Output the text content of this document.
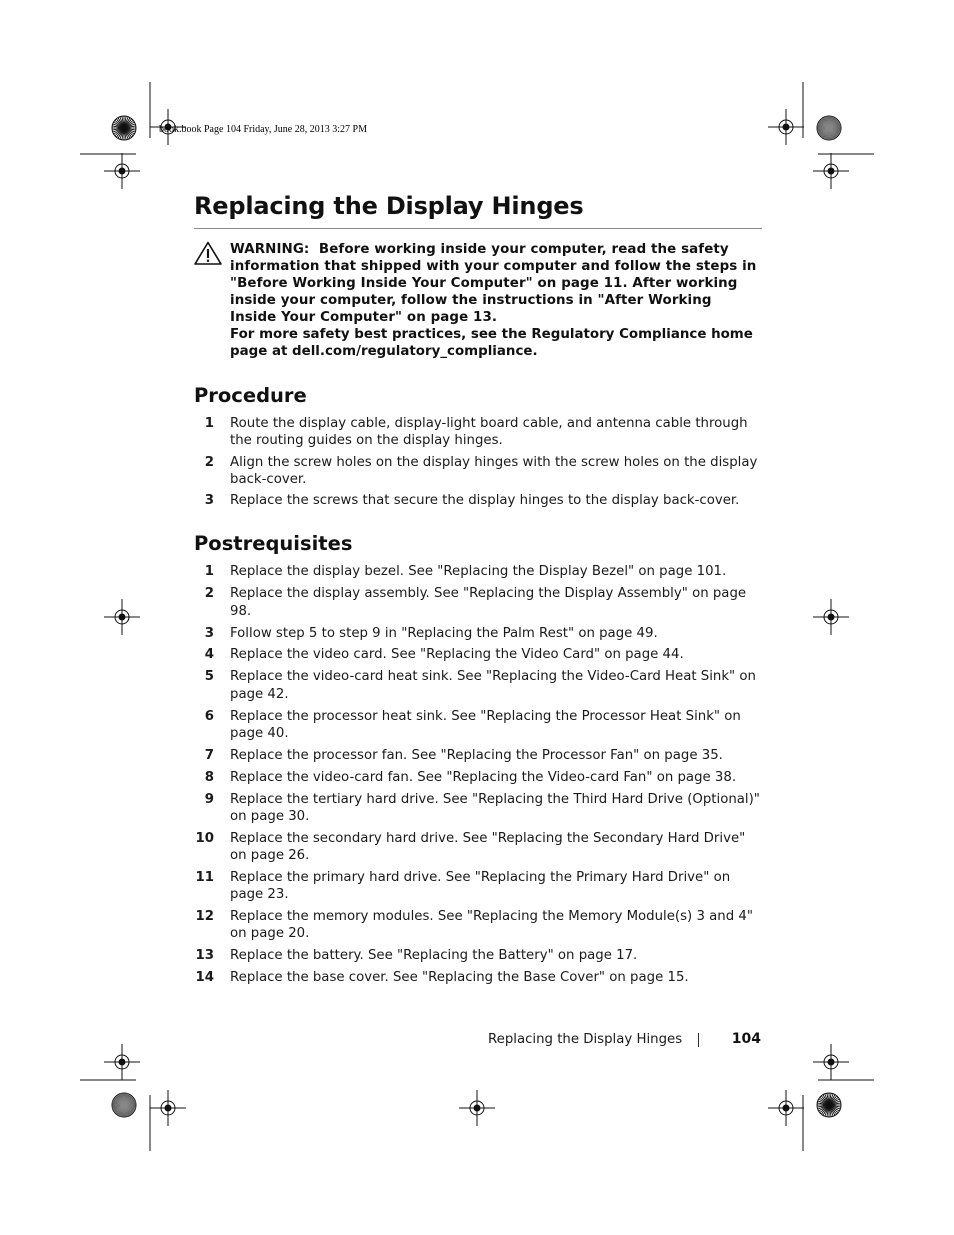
book.book Page 104 Friday, June 28, 2013 3:27 PM
Replacing the Display Hinges

WARNING: Before working inside your computer, read the safety information that shipped with your computer and follow the steps in "Before Working Inside Your Computer" on page 11. After working inside your computer, follow the instructions in "After Working Inside Your Computer" on page 13.

For more safety best practices, see the Regulatory Compliance home page at dell.com/regulatory_compliance.

Procedure
1 Route the display cable, display-light board cable, and antenna cable through the routing guides on the display hinges.
2 Align the screw holes on the display hinges with the screw holes on the display back-cover.
3 Replace the screws that secure the display hinges to the display back-cover.
Postrequisites
1 Replace the display bezel. See "Replacing the Display Bezel" on page 101.
2 Replace the display assembly. See "Replacing the Display Assembly" on page 98.
3 Follow step 5 to step 9 in "Replacing the Palm Rest" on page 49.
4 Replace the video card. See "Replacing the Video Card" on page 44.
5 Replace the video-card heat sink. See "Replacing the Video-Card Heat Sink" on page 42.
6 Replace the processor heat sink. See "Replacing the Processor Heat Sink" on page 40.
7 Replace the processor fan. See "Replacing the Processor Fan" on page 35.
8 Replace the video-card fan. See "Replacing the Video-card Fan" on page 38.
9 Replace the tertiary hard drive. See "Replacing the Third Hard Drive (Optional)" on page 30.
10 Replace the secondary hard drive. See "Replacing the Secondary Hard Drive" on page 26.
11 Replace the primary hard drive. See "Replacing the Primary Hard Drive" on page 23.
12 Replace the memory modules. See "Replacing the Memory Module(s) 3 and 4" on page 20.
13 Replace the battery. See "Replacing the Battery" on page 17.
14 Replace the base cover. See "Replacing the Base Cover" on page 15.
Replacing the Display Hinges	104
